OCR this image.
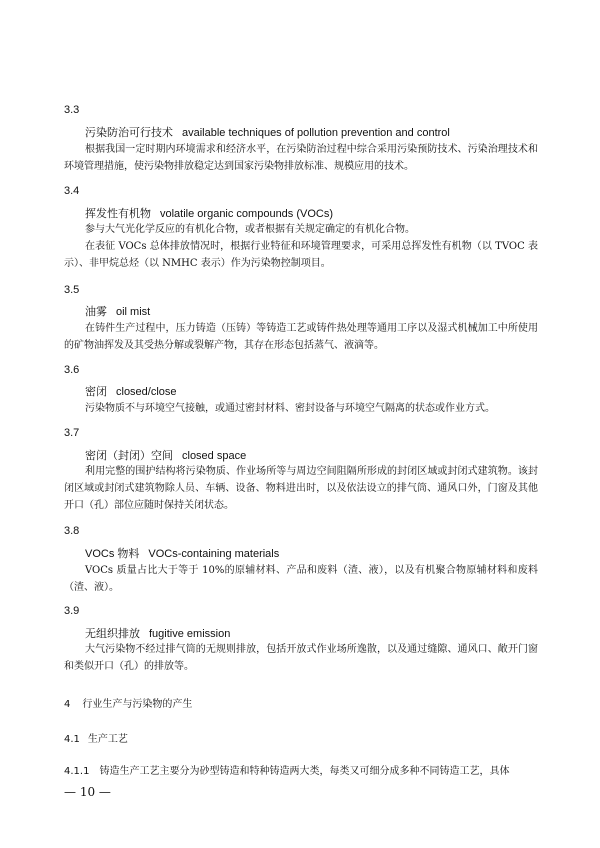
3.3
污染防治可行技术 available techniques of pollution prevention and control

根据我国一定时期内环境需求和经济水平，在污染防治过程中综合采用污染预防技术、污染治理技术和环境管理措施，使污染物排放稳定达到国家污染物排放标准、规模应用的技术。

3.4
挥发性有机物 volatile organic compounds (VOCs)

参与大气光化学反应的有机化合物，或者根据有关规定确定的有机化合物。

在表征 VOCs 总体排放情况时，根据行业特征和环境管理要求，可采用总挥发性有机物（以 TVOC 表示）、非甲烷总烃（以 NMHC 表示）作为污染物控制项目。

3.5
油雾 oil mist

在铸件生产过程中，压力铸造（压铸）等铸造工艺或铸件热处理等通用工序以及湿式机械加工中所使用的矿物油挥发及其受热分解或裂解产物，其存在形态包括蒸气、液滴等。

3.6
密闭 closed/close

污染物质不与环境空气接触，或通过密封材料、密封设备与环境空气隔离的状态或作业方式。

3.7
密闭（封闭）空间 closed space

利用完整的围护结构将污染物质、作业场所等与周边空间阻隔所形成的封闭区域或封闭式建筑物。该封闭区域或封闭式建筑物除人员、车辆、设备、物料进出时，以及依法设立的排气筒、通风口外，门窗及其他开口（孔）部位应随时保持关闭状态。

3.8
VOCs 物料 VOCs-containing materials

VOCs 质量占比大于等于 10%的原辅材料、产品和废料（渣、液），以及有机聚合物原辅材料和废料（渣、液）。

3.9
无组织排放 fugitive emission

大气污染物不经过排气筒的无规则排放，包括开放式作业场所逸散，以及通过缝隙、通风口、敞开门窗和类似开口（孔）的排放等。

4 行业生产与污染物的产生
4.1 生产工艺
4.1.1 铸造生产工艺主要分为砂型铸造和特种铸造两大类，每类又可细分成多种不同铸造工艺，具体
— 10 —
